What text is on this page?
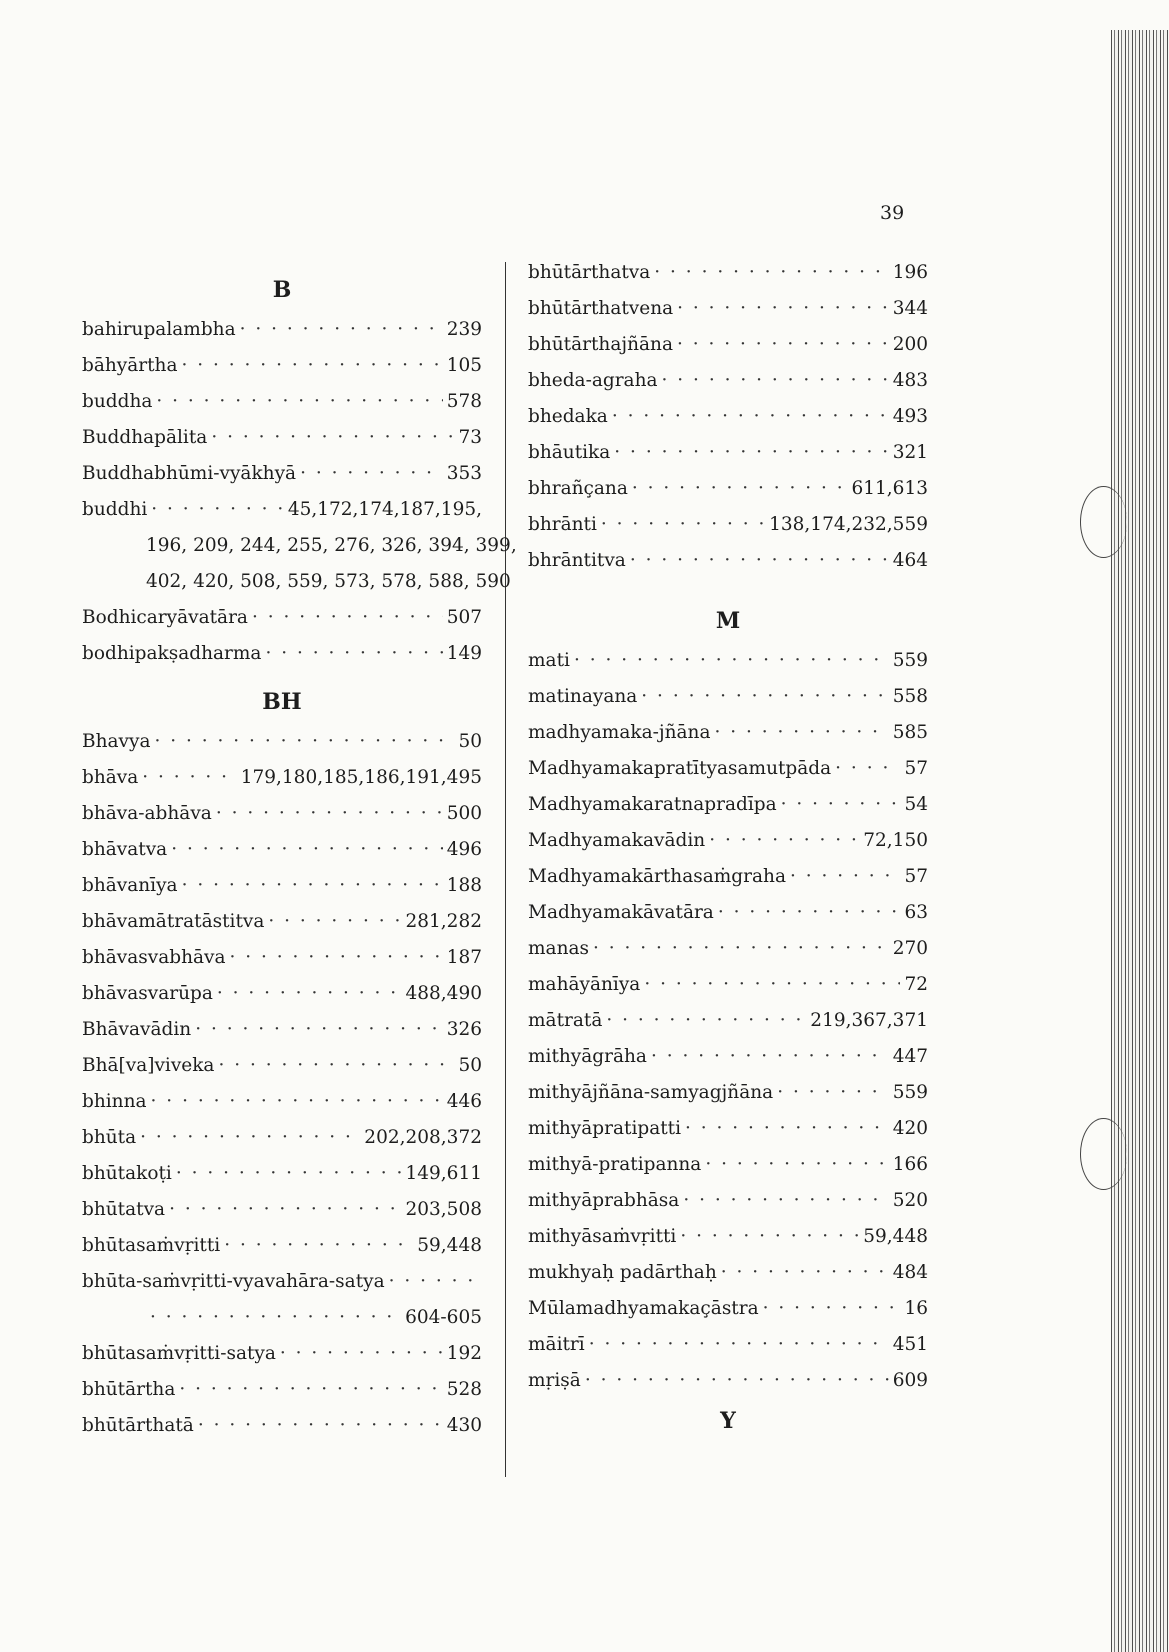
39
B
bahirupalambha · · ·	239
bāhyārtha · · ·	105
buddha · · ·	578
Buddhapālita · · ·	73
Buddhabhūmi-vyākhyā · · ·	353
buddhi · · ·	45,172,174,187,195,
196, 209, 244, 255, 276, 326, 394, 399,
402, 420, 508, 559, 573, 578, 588, 590
Bodhicaryāvatāra · · ·	507
bodhipakṣadharma · · ·	149
BH
Bhavya · · ·	50
bhāva · · ·	179,180,185,186,191,495
bhāva-abhāva · · ·	500
bhāvatva · · ·	496
bhāvanīya · · ·	188
bhāvamātratāstitva · · ·	281,282
bhāvasvabhāva · · ·	187
bhāvasvarūpa · · ·	488,490
Bhāvavādin · · ·	326
Bhā[va]viveka · · ·	50
bhinna · · ·	446
bhūta · · ·	202,208,372
bhūtakoṭi · · ·	149,611
bhūtatva · · ·	203,508
bhūtasaṁvṛitti · · ·	59,448
bhūta-saṁvṛitti-vyavahāra-satya
· · ·
· · ·
604-605
bhūtasaṁvṛitti-satya · · ·	192
bhūtārtha · · ·	528
bhūtārthatā · · ·	430
bhūtārthatva · · ·	196
bhūtārthatvena · · ·	344
bhūtārthajñāna · · ·	200
bheda-agraha · · ·	483
bhedaka · · ·	493
bhāutika · · ·	321
bhrañçana · · ·	611,613
bhrānti · · ·	138,174,232,559
bhrāntitva · · ·	464
M
mati · · ·	559
matinayana · · ·	558
madhyamaka-jñāna · · ·	585
Madhyamakapratītyasamutpāda · · ·	57
Madhyamakaratnapradīpa · · ·	54
Madhyamakavādin · · ·	72,150
Madhyamakārthasaṁgraha · · ·	57
Madhyamakāvatāra · · ·	63
manas · · ·	270
mahāyānīya · · ·	72
mātratā · · ·	219,367,371
mithyāgrāha · · ·	447
mithyājñāna-samyagjñāna · · ·	559
mithyāpratipatti · · ·	420
mithyā-pratipanna · · ·	166
mithyāprabhāsa · · ·	520
mithyāsaṁvṛitti · · ·	59,448
mukhyaḥ padārthaḥ · · ·	484
Mūlamadhyamakaçāstra · · ·	16
māitrī · · ·	451
mṛiṣā · · ·	609
Y
